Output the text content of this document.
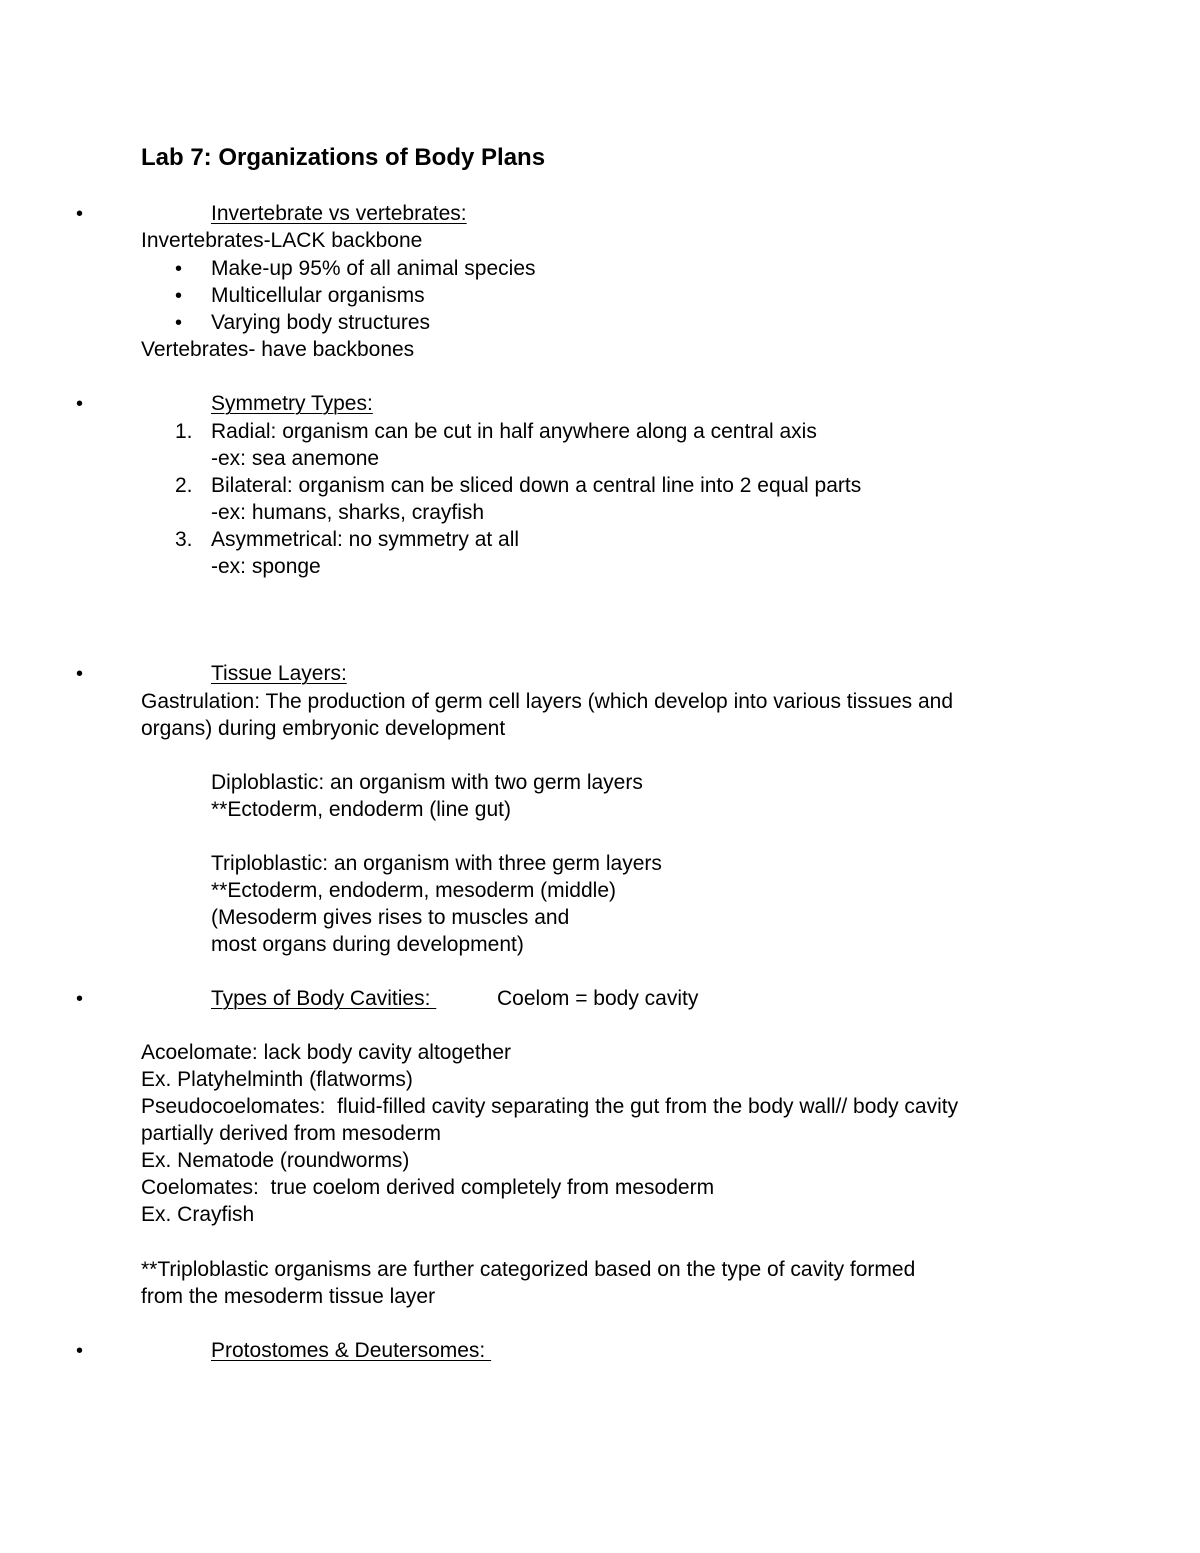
Lab 7: Organizations of Body Plans
•	Invertebrate vs vertebrates:
Invertebrates-LACK backbone
• Make-up 95% of all animal species
• Multicellular organisms
• Varying body structures
Vertebrates- have backbones
•	Symmetry Types:
1. Radial: organism can be cut in half anywhere along a central axis
-ex: sea anemone
2. Bilateral: organism can be sliced down a central line into 2 equal parts
-ex: humans, sharks, crayfish
3. Asymmetrical: no symmetry at all
-ex: sponge
•	Tissue Layers:
Gastrulation: The production of germ cell layers (which develop into various tissues and
organs) during embryonic development
Diploblastic: an organism with two germ layers
**Ectoderm, endoderm (line gut)
Triploblastic: an organism with three germ layers
**Ectoderm, endoderm, mesoderm (middle)
(Mesoderm gives rises to muscles and
most organs during development)
•	Types of Body Cavities:	Coelom = body cavity
Acoelomate: lack body cavity altogether
Ex. Platyhelminth (flatworms)
Pseudocoelomates:  fluid-filled cavity separating the gut from the body wall// body cavity
partially derived from mesoderm
Ex. Nematode (roundworms)
Coelomates:  true coelom derived completely from mesoderm
Ex. Crayfish
**Triploblastic organisms are further categorized based on the type of cavity formed
from the mesoderm tissue layer
•	Protostomes & Deutersomes:
